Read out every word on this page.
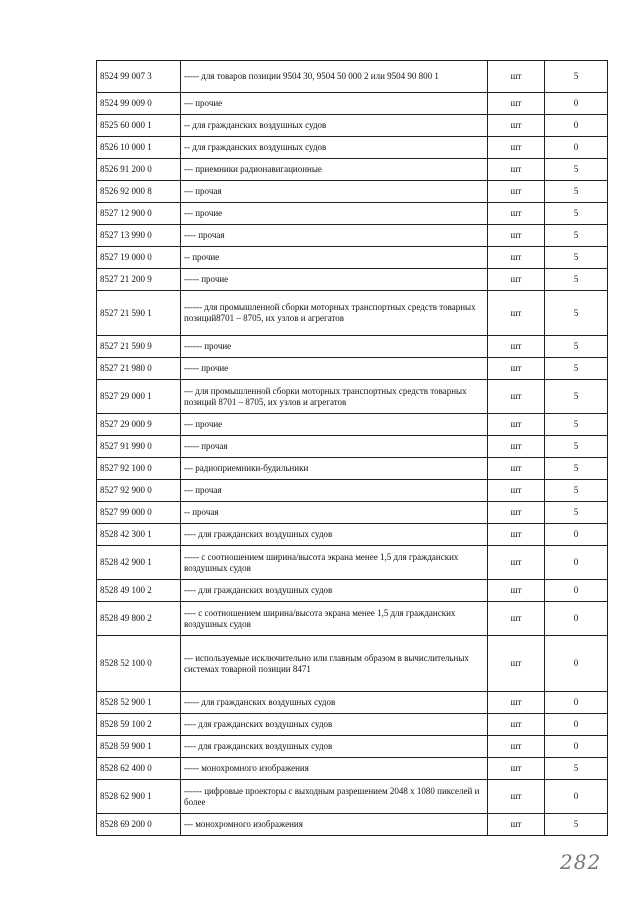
8524 99 007 3	----- для товаров позиции 9504 30, 9504 50 000 2 или 9504 90 800 1	шт	5
8524 99 009 0	--- прочие	шт	0
8525 60 000 1	-- для гражданских воздушных судов	шт	0
8526 10 000 1	-- для гражданских воздушных судов	шт	0
8526 91 200 0	--- приемники радионавигационные	шт	5
8526 92 000 8	--- прочая	шт	5
8527 12 900 0	--- прочие	шт	5
8527 13 990 0	---- прочая	шт	5
8527 19 000 0	-- прочие	шт	5
8527 21 200 9	----- прочие	шт	5
8527 21 590 1	------ для промышленной сборки моторных транспортных средств товарных позиций8701 – 8705, их узлов и агрегатов	шт	5
8527 21 590 9	------ прочие	шт	5
8527 21 980 0	----- прочие	шт	5
8527 29 000 1	--- для промышленной сборки моторных транспортных средств товарных позиций 8701 – 8705, их узлов и агрегатов	шт	5
8527 29 000 9	--- прочие	шт	5
8527 91 990 0	----- прочая	шт	5
8527 92 100 0	--- радиоприемники-будильники	шт	5
8527 92 900 0	--- прочая	шт	5
8527 99 000 0	-- прочая	шт	5
8528 42 300 1	---- для гражданских воздушных судов	шт	0
8528 42 900 1	----- с соотношением ширина/высота экрана менее 1,5 для гражданских воздушных судов	шт	0
8528 49 100 2	---- для гражданских воздушных судов	шт	0
8528 49 800 2	---- с соотношением ширина/высота экрана менее 1,5 для гражданских воздушных судов	шт	0
8528 52 100 0	--- используемые исключительно или главным образом в вычислительных системах товарной позиции 8471	шт	0
8528 52 900 1	----- для гражданских воздушных судов	шт	0
8528 59 100 2	---- для гражданских воздушных судов	шт	0
8528 59 900 1	---- для гражданских воздушных судов	шт	0
8528 62 400 0	----- монохромного изображения	шт	5
8528 62 900 1	------ цифровые проекторы с выходным разрешением 2048 x 1080 пикселей и более	шт	0
8528 69 200 0	--- монохромного изображения	шт	5
282
